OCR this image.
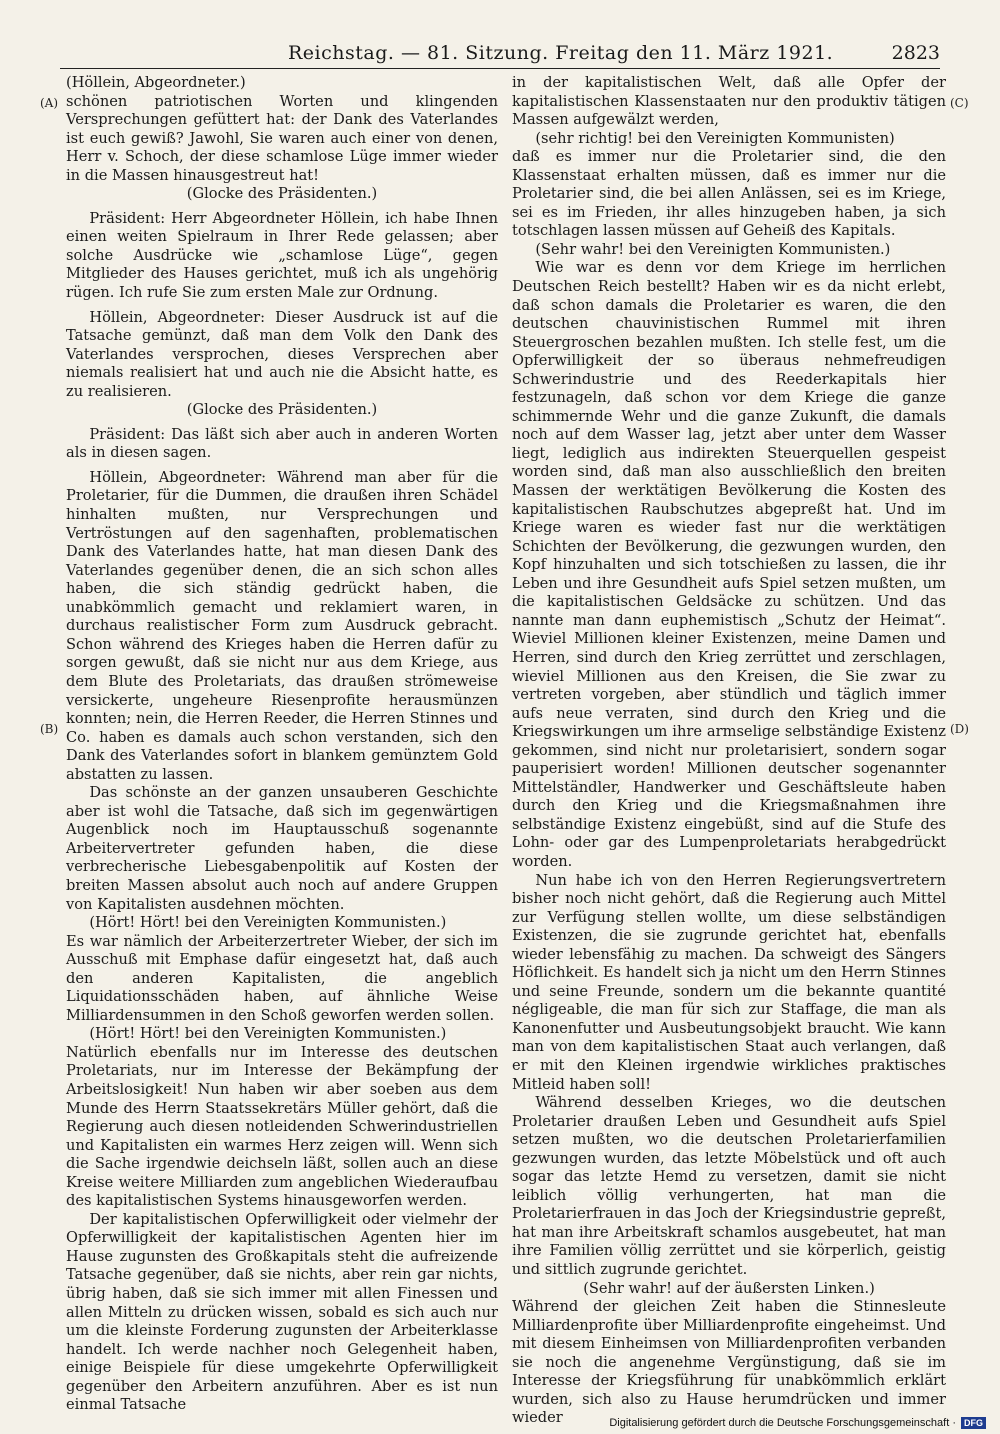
Reichstag. — 81. Sitzung. Freitag den 11. März 1921.	2823
(A)
(B)
(C)
(D)

(Höllein, Abgeordneter.)

schönen patriotischen Worten und klingenden Versprechungen gefüttert hat: der Dank des Vaterlandes ist euch gewiß? Jawohl, Sie waren auch einer von denen, Herr v. Schoch, der diese schamlose Lüge immer wieder in die Massen hinausgestreut hat!

(Glocke des Präsidenten.)

Präsident: Herr Abgeordneter Höllein, ich habe Ihnen einen weiten Spielraum in Ihrer Rede gelassen; aber solche Ausdrücke wie „schamlose Lüge“, gegen Mitglieder des Hauses gerichtet, muß ich als ungehörig rügen. Ich rufe Sie zum ersten Male zur Ordnung.

Höllein, Abgeordneter: Dieser Ausdruck ist auf die Tatsache gemünzt, daß man dem Volk den Dank des Vaterlandes versprochen, dieses Versprechen aber niemals realisiert hat und auch nie die Absicht hatte, es zu realisieren.

(Glocke des Präsidenten.)

Präsident: Das läßt sich aber auch in anderen Worten als in diesen sagen.

Höllein, Abgeordneter: Während man aber für die Proletarier, für die Dummen, die draußen ihren Schädel hinhalten mußten, nur Versprechungen und Vertröstungen auf den sagenhaften, problematischen Dank des Vaterlandes hatte, hat man diesen Dank des Vaterlandes gegenüber denen, die an sich schon alles haben, die sich ständig gedrückt haben, die unabkömmlich gemacht und reklamiert waren, in durchaus realistischer Form zum Ausdruck gebracht. Schon während des Krieges haben die Herren dafür zu sorgen gewußt, daß sie nicht nur aus dem Kriege, aus dem Blute des Proletariats, das draußen strömeweise versickerte, ungeheure Riesenprofite herausmünzen konnten; nein, die Herren Reeder, die Herren Stinnes und Co. haben es damals auch schon verstanden, sich den Dank des Vaterlandes sofort in blankem gemünztem Gold abstatten zu lassen.

Das schönste an der ganzen unsauberen Geschichte aber ist wohl die Tatsache, daß sich im gegenwärtigen Augenblick noch im Hauptausschuß sogenannte Arbeitervertreter gefunden haben, die diese verbrecherische Liebesgabenpolitik auf Kosten der breiten Massen absolut auch noch auf andere Gruppen von Kapitalisten ausdehnen möchten.

(Hört! Hört! bei den Vereinigten Kommunisten.)

Es war nämlich der Arbeiterzertreter Wieber, der sich im Ausschuß mit Emphase dafür eingesetzt hat, daß auch den anderen Kapitalisten, die angeblich Liquidationsschäden haben, auf ähnliche Weise Milliardensummen in den Schoß geworfen werden sollen.

(Hört! Hört! bei den Vereinigten Kommunisten.)

Natürlich ebenfalls nur im Interesse des deutschen Proletariats, nur im Interesse der Bekämpfung der Arbeitslosigkeit! Nun haben wir aber soeben aus dem Munde des Herrn Staatssekretärs Müller gehört, daß die Regierung auch diesen notleidenden Schwerindustriellen und Kapitalisten ein warmes Herz zeigen will. Wenn sich die Sache irgendwie deichseln läßt, sollen auch an diese Kreise weitere Milliarden zum angeblichen Wiederaufbau des kapitalistischen Systems hinausgeworfen werden.

Der kapitalistischen Opferwilligkeit oder vielmehr der Opferwilligkeit der kapitalistischen Agenten hier im Hause zugunsten des Großkapitals steht die aufreizende Tatsache gegenüber, daß sie nichts, aber rein gar nichts, übrig haben, daß sie sich immer mit allen Finessen und allen Mitteln zu drücken wissen, sobald es sich auch nur um die kleinste Forderung zugunsten der Arbeiterklasse handelt. Ich werde nachher noch Gelegenheit haben, einige Beispiele für diese umgekehrte Opferwilligkeit gegenüber den Arbeitern anzuführen. Aber es ist nun einmal Tatsache

in der kapitalistischen Welt, daß alle Opfer der kapitalistischen Klassenstaaten nur den produktiv tätigen Massen aufgewälzt werden,

(sehr richtig! bei den Vereinigten Kommunisten)

daß es immer nur die Proletarier sind, die den Klassenstaat erhalten müssen, daß es immer nur die Proletarier sind, die bei allen Anlässen, sei es im Kriege, sei es im Frieden, ihr alles hinzugeben haben, ja sich totschlagen lassen müssen auf Geheiß des Kapitals.

(Sehr wahr! bei den Vereinigten Kommunisten.)

Wie war es denn vor dem Kriege im herrlichen Deutschen Reich bestellt? Haben wir es da nicht erlebt, daß schon damals die Proletarier es waren, die den deutschen chauvinistischen Rummel mit ihren Steuergroschen bezahlen mußten. Ich stelle fest, um die Opferwilligkeit der so überaus nehmefreudigen Schwerindustrie und des Reederkapitals hier festzunageln, daß schon vor dem Kriege die ganze schimmernde Wehr und die ganze Zukunft, die damals noch auf dem Wasser lag, jetzt aber unter dem Wasser liegt, lediglich aus indirekten Steuerquellen gespeist worden sind, daß man also ausschließlich den breiten Massen der werktätigen Bevölkerung die Kosten des kapitalistischen Raubschutzes abgepreßt hat. Und im Kriege waren es wieder fast nur die werktätigen Schichten der Bevölkerung, die gezwungen wurden, den Kopf hinzuhalten und sich totschießen zu lassen, die ihr Leben und ihre Gesundheit aufs Spiel setzen mußten, um die kapitalistischen Geldsäcke zu schützen. Und das nannte man dann euphemistisch „Schutz der Heimat“. Wieviel Millionen kleiner Existenzen, meine Damen und Herren, sind durch den Krieg zerrüttet und zerschlagen, wieviel Millionen aus den Kreisen, die Sie zwar zu vertreten vorgeben, aber stündlich und täglich immer aufs neue verraten, sind durch den Krieg und die Kriegswirkungen um ihre armselige selbständige Existenz gekommen, sind nicht nur proletarisiert, sondern sogar pauperisiert worden! Millionen deutscher sogenannter Mittelständler, Handwerker und Geschäftsleute haben durch den Krieg und die Kriegsmaßnahmen ihre selbständige Existenz eingebüßt, sind auf die Stufe des Lohn- oder gar des Lumpenproletariats herabgedrückt worden.

Nun habe ich von den Herren Regierungsvertretern bisher noch nicht gehört, daß die Regierung auch Mittel zur Verfügung stellen wollte, um diese selbständigen Existenzen, die sie zugrunde gerichtet hat, ebenfalls wieder lebensfähig zu machen. Da schweigt des Sängers Höflichkeit. Es handelt sich ja nicht um den Herrn Stinnes und seine Freunde, sondern um die bekannte quantité négligeable, die man für sich zur Staffage, die man als Kanonenfutter und Ausbeutungsobjekt braucht. Wie kann man von dem kapitalistischen Staat auch verlangen, daß er mit den Kleinen irgendwie wirkliches praktisches Mitleid haben soll!

Während desselben Krieges, wo die deutschen Proletarier draußen Leben und Gesundheit aufs Spiel setzen mußten, wo die deutschen Proletarierfamilien gezwungen wurden, das letzte Möbelstück und oft auch sogar das letzte Hemd zu versetzen, damit sie nicht leiblich völlig verhungerten, hat man die Proletarierfrauen in das Joch der Kriegsindustrie gepreßt, hat man ihre Arbeitskraft schamlos ausgebeutet, hat man ihre Familien völlig zerrüttet und sie körperlich, geistig und sittlich zugrunde gerichtet.

(Sehr wahr! auf der äußersten Linken.)

Während der gleichen Zeit haben die Stinnesleute Milliardenprofite über Milliardenprofite eingeheimst. Und mit diesem Einheimsen von Milliardenprofiten verbanden sie noch die angenehme Vergünstigung, daß sie im Interesse der Kriegsführung für unabkömmlich erklärt wurden, sich also zu Hause herumdrücken und immer wieder	Digitalisierung gefördert durch die Deutsche Forschungsgemeinschaft · DFG
